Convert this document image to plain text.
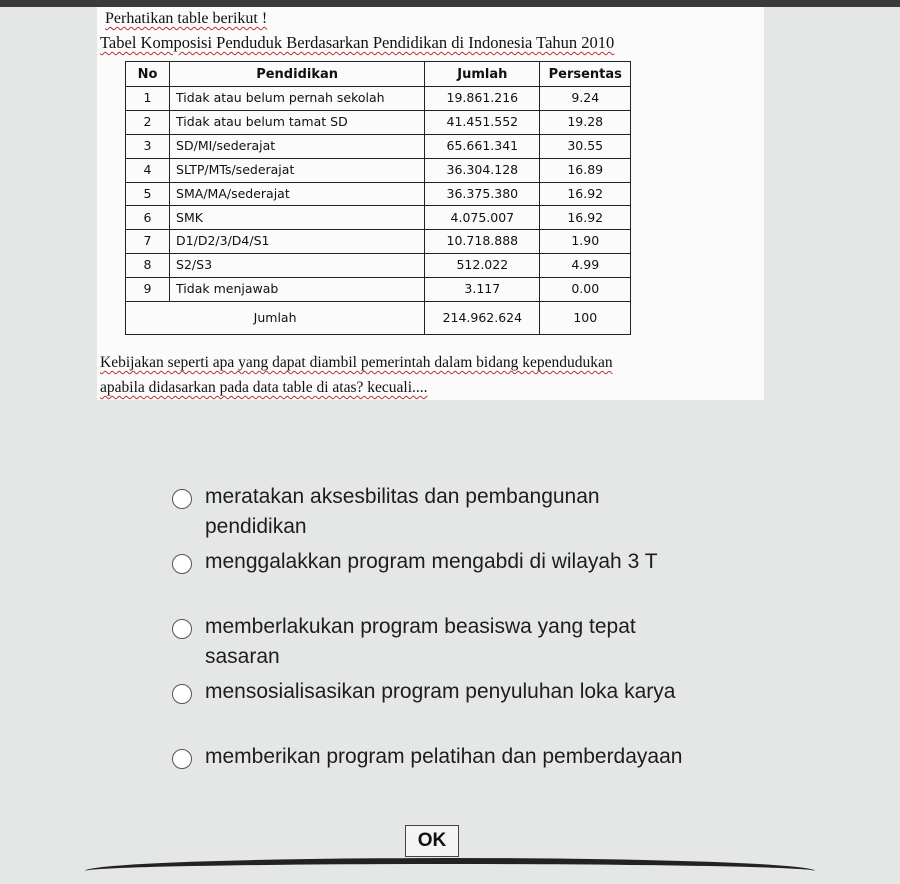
Perhatikan table berikut !
Tabel Komposisi Penduduk Berdasarkan Pendidikan di Indonesia Tahun 2010
No	Pendidikan	Jumlah	Persentas
1	Tidak atau belum pernah sekolah	19.861.216	9.24
2	Tidak atau belum tamat SD	41.451.552	19.28
3	SD/MI/sederajat	65.661.341	30.55
4	SLTP/MTs/sederajat	36.304.128	16.89
5	SMA/MA/sederajat	36.375.380	16.92
6	SMK	4.075.007	16.92
7	D1/D2/3/D4/S1	10.718.888	1.90
8	S2/S3	512.022	4.99
9	Tidak menjawab	3.117	0.00
Jumlah		214.962.624	100
Kebijakan seperti apa yang dapat diambil pemerintah dalam bidang kependudukan
apabila didasarkan pada data table di atas? kecuali....
meratakan aksesbilitas dan pembangunan pendidikan
menggalakkan program mengabdi di wilayah 3 T
memberlakukan program beasiswa yang tepat sasaran
mensosialisasikan program penyuluhan loka karya
memberikan program pelatihan dan pemberdayaan
OK
